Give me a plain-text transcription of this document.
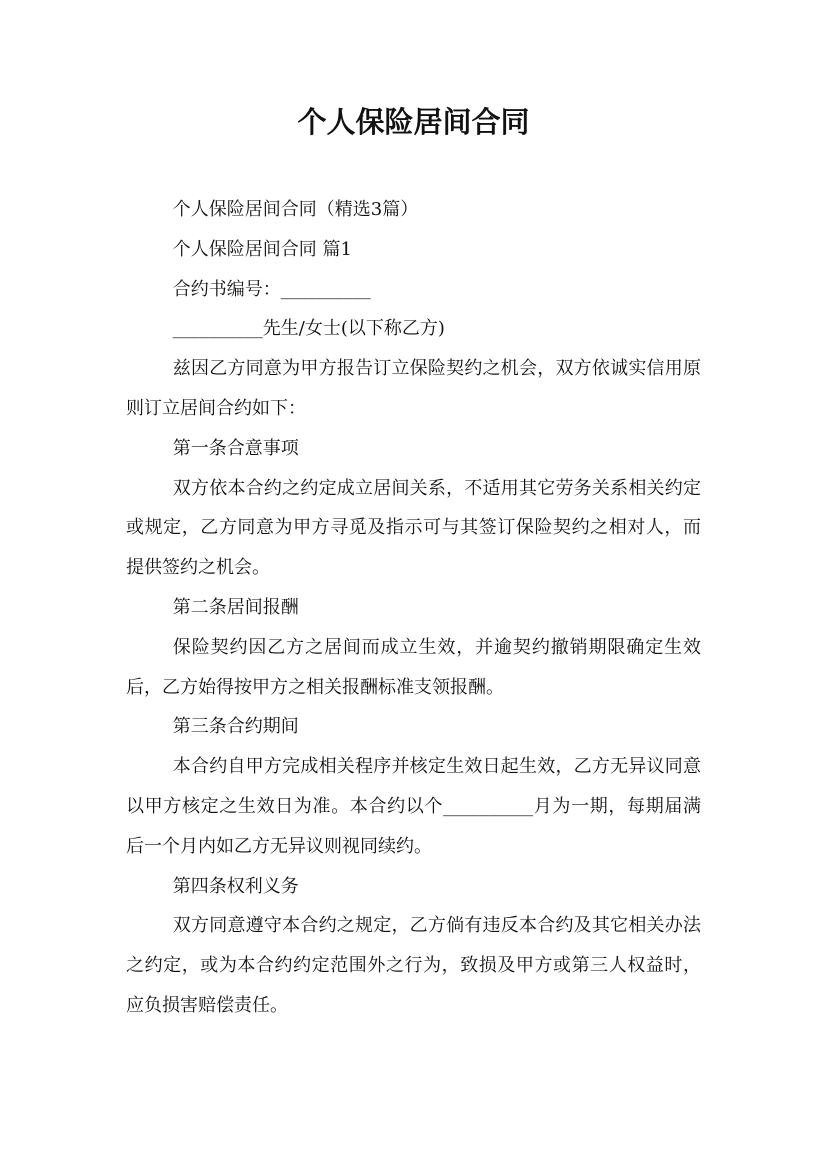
个人保险居间合同

个人保险居间合同（精选3篇）

个人保险居间合同 篇1

合约书编号：__________

__________先生/女士(以下称乙方)

兹因乙方同意为甲方报告订立保险契约之机会，双方依诚实信用原则订立居间合约如下：

第一条合意事项

双方依本合约之约定成立居间关系，不适用其它劳务关系相关约定或规定，乙方同意为甲方寻觅及指示可与其签订保险契约之相对人，而提供签约之机会。

第二条居间报酬

保险契约因乙方之居间而成立生效，并逾契约撤销期限确定生效后，乙方始得按甲方之相关报酬标准支领报酬。

第三条合约期间

本合约自甲方完成相关程序并核定生效日起生效，乙方无异议同意以甲方核定之生效日为准。本合约以个__________月为一期，每期届满后一个月内如乙方无异议则视同续约。

第四条权利义务

双方同意遵守本合约之规定，乙方倘有违反本合约及其它相关办法之约定，或为本合约约定范围外之行为，致损及甲方或第三人权益时，应负损害赔偿责任。
